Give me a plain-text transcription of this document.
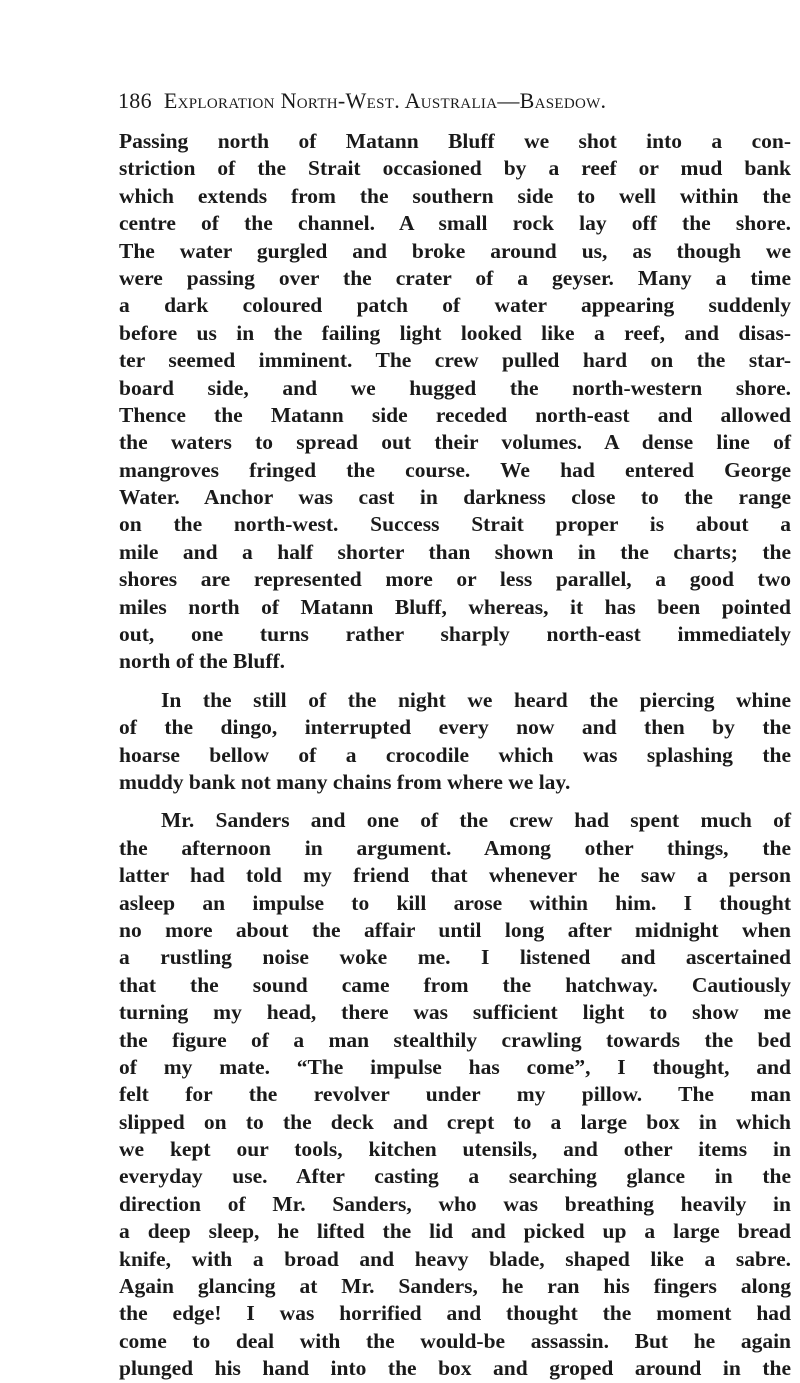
186 Exploration North-West. Australia—Basedow.
Passing north of Matann Bluff we shot into a con-
striction of the Strait occasioned by a reef or mud bank
which extends from the southern side to well within the
centre of the channel. A small rock lay off the shore.
The water gurgled and broke around us, as though we
were passing over the crater of a geyser. Many a time
a dark coloured patch of water appearing suddenly
before us in the failing light looked like a reef, and disas-
ter seemed imminent. The crew pulled hard on the star-
board side, and we hugged the north-western shore.
Thence the Matann side receded north-east and allowed
the waters to spread out their volumes. A dense line of
mangroves fringed the course. We had entered George
Water. Anchor was cast in darkness close to the range
on the north-west. Success Strait proper is about a
mile and a half shorter than shown in the charts; the
shores are represented more or less parallel, a good two
miles north of Matann Bluff, whereas, it has been pointed
out, one turns rather sharply north-east immediately
north of the Bluff.
In the still of the night we heard the piercing whine
of the dingo, interrupted every now and then by the
hoarse bellow of a crocodile which was splashing the
muddy bank not many chains from where we lay.
Mr. Sanders and one of the crew had spent much of
the afternoon in argument. Among other things, the
latter had told my friend that whenever he saw a person
asleep an impulse to kill arose within him. I thought
no more about the affair until long after midnight when
a rustling noise woke me. I listened and ascertained
that the sound came from the hatchway. Cautiously
turning my head, there was sufficient light to show me
the figure of a man stealthily crawling towards the bed
of my mate. “The impulse has come”, I thought, and
felt for the revolver under my pillow. The man
slipped on to the deck and crept to a large box in which
we kept our tools, kitchen utensils, and other items in
everyday use. After casting a searching glance in the
direction of Mr. Sanders, who was breathing heavily in
a deep sleep, he lifted the lid and picked up a large bread
knife, with a broad and heavy blade, shaped like a sabre.
Again glancing at Mr. Sanders, he ran his fingers along
the edge! I was horrified and thought the moment had
come to deal with the would-be assassin. But he again
plunged his hand into the box and groped around in the
